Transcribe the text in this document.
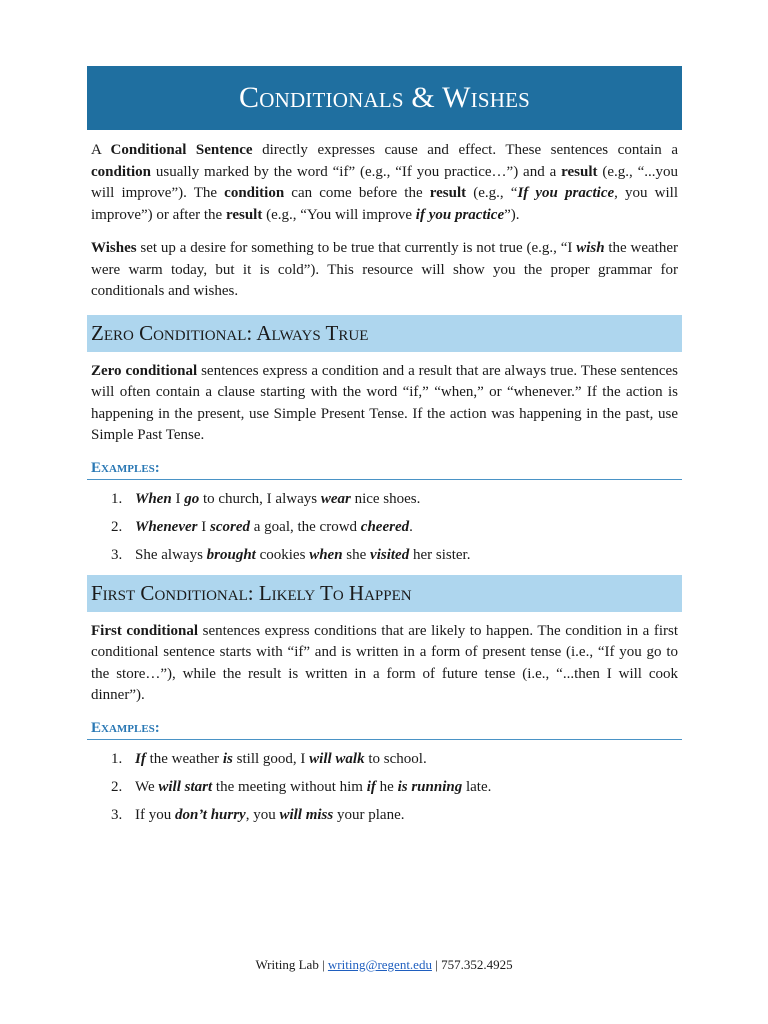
Conditionals & Wishes

A Conditional Sentence directly expresses cause and effect. These sentences contain a condition usually marked by the word “if” (e.g., “If you practice…”) and a result (e.g., “...you will improve”). The condition can come before the result (e.g., “If you practice, you will improve”) or after the result (e.g., “You will improve if you practice”).

Wishes set up a desire for something to be true that currently is not true (e.g., “I wish the weather were warm today, but it is cold”). This resource will show you the proper grammar for conditionals and wishes.

Zero Conditional: Always True

Zero conditional sentences express a condition and a result that are always true. These sentences will often contain a clause starting with the word “if,” “when,” or “whenever.” If the action is happening in the present, use Simple Present Tense. If the action was happening in the past, use Simple Past Tense.

Examples:
1. When I go to church, I always wear nice shoes.
2. Whenever I scored a goal, the crowd cheered.
3. She always brought cookies when she visited her sister.
First Conditional: Likely To Happen

First conditional sentences express conditions that are likely to happen. The condition in a first conditional sentence starts with “if” and is written in a form of present tense (i.e., “If you go to the store…”), while the result is written in a form of future tense (i.e., “...then I will cook dinner”).

Examples:
1. If the weather is still good, I will walk to school.
2. We will start the meeting without him if he is running late.
3. If you don’t hurry, you will miss your plane.
Writing Lab | writing@regent.edu | 757.352.4925
